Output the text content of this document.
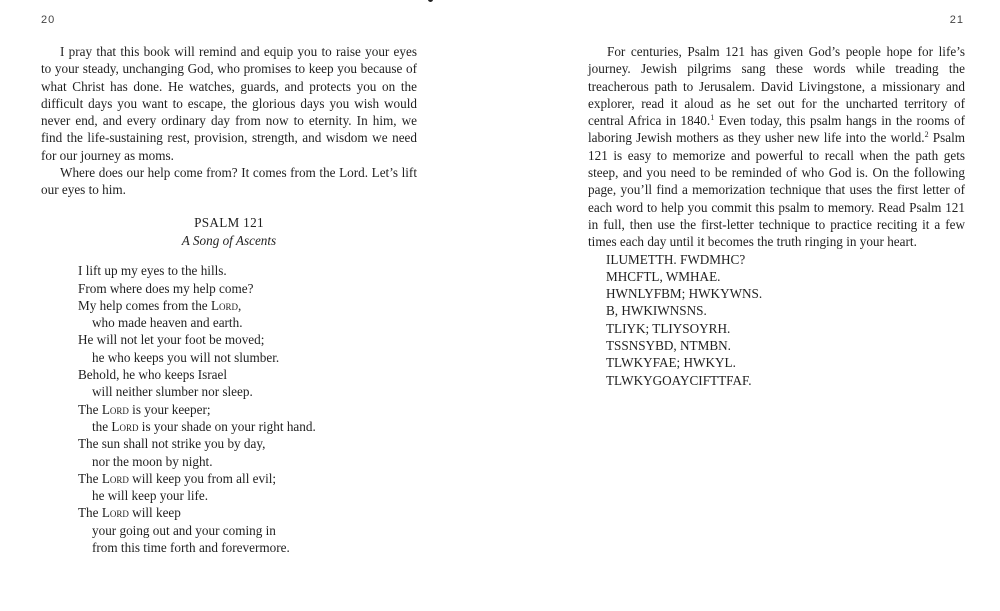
20	21

I pray that this book will remind and equip you to raise your eyes to your steady, unchanging God, who promises to keep you because of what Christ has done. He watches, guards, and protects you on the difficult days you want to escape, the glorious days you wish would never end, and every ordinary day from now to eternity. In him, we find the life-sustaining rest, provision, strength, and wisdom we need for our journey as moms.

Where does our help come from? It comes from the Lord. Let’s lift our eyes to him.

PSALM 121
A Song of Ascents
I lift up my eyes to the hills.
From where does my help come?
My help comes from the Lord,
who made heaven and earth.
He will not let your foot be moved;
he who keeps you will not slumber.
Behold, he who keeps Israel
will neither slumber nor sleep.
The Lord is your keeper;
the Lord is your shade on your right hand.
The sun shall not strike you by day,
nor the moon by night.
The Lord will keep you from all evil;
he will keep your life.
The Lord will keep
your going out and your coming in
from this time forth and forevermore.

For centuries, Psalm 121 has given God’s people hope for life’s journey. Jewish pilgrims sang these words while treading the treacherous path to Jerusalem. David Livingstone, a missionary and explorer, read it aloud as he set out for the uncharted territory of central Africa in 1840.$^1$ Even today, this psalm hangs in the rooms of laboring Jewish mothers as they usher new life into the world.$^2$ Psalm 121 is easy to memorize and powerful to recall when the path gets steep, and you need to be reminded of who God is. On the following page, you’ll find a memorization technique that uses the first letter of each word to help you commit this psalm to memory. Read Psalm 121 in full, then use the first-letter technique to practice reciting it a few times each day until it becomes the truth ringing in your heart.

ILUMETTH. FWDMHC?
MHCFTL, WMHAE.
HWNLYFBM; HWKYWNS.
B, HWKIWNSNS.
TLIYK; TLIYSOYRH.
TSSNSYBD, NTMBN.
TLWKYFAE; HWKYL.
TLWKYGOAYCIFTTFAF.
